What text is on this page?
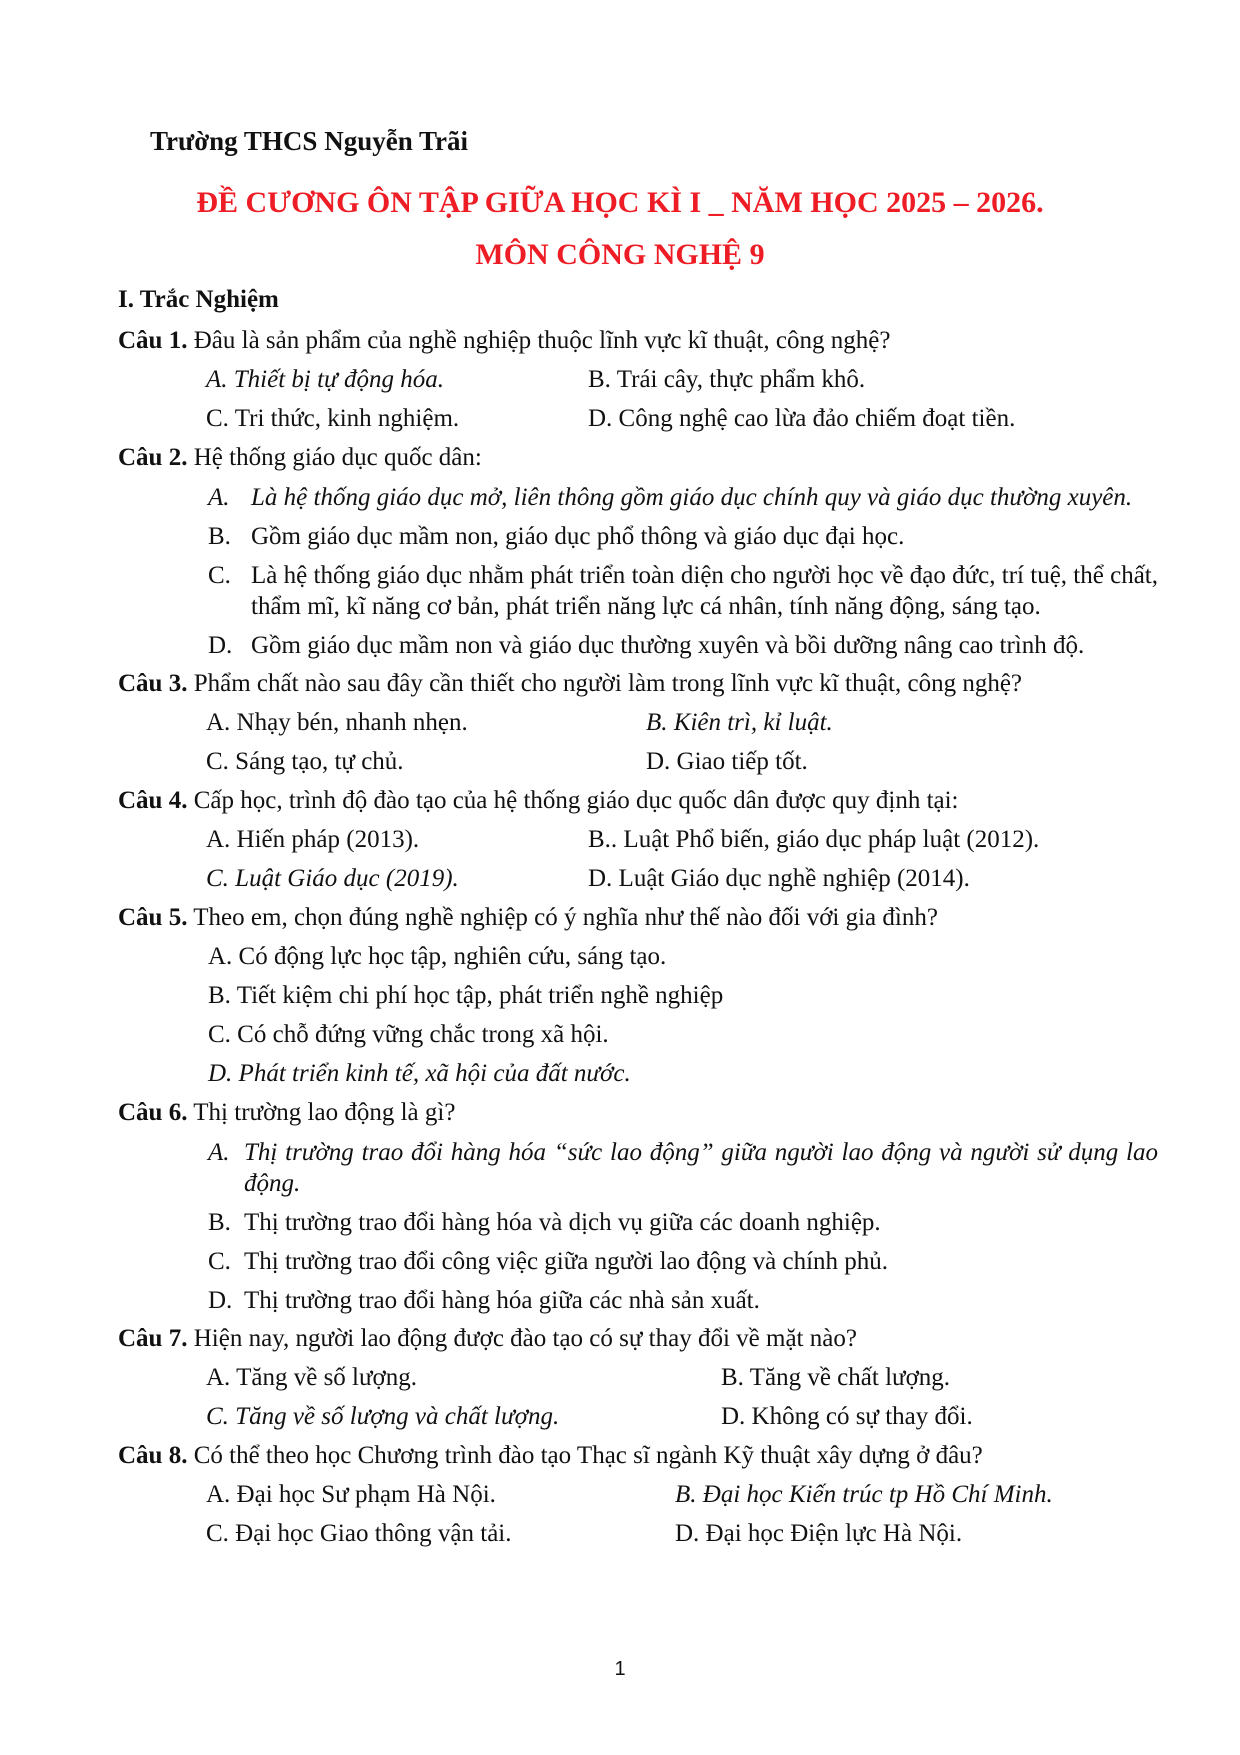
Trường THCS Nguyễn Trãi
ĐỀ CƯƠNG ÔN TẬP GIỮA HỌC KÌ I _ NĂM HỌC 2025 – 2026.
MÔN CÔNG NGHỆ 9
I. Trắc Nghiệm
Câu 1. Đâu là sản phẩm của nghề nghiệp thuộc lĩnh vực kĩ thuật, công nghệ?
A. Thiết bị tự động hóa.	B. Trái cây, thực phẩm khô.
C. Tri thức, kinh nghiệm.	D. Công nghệ cao lừa đảo chiếm đoạt tiền.
Câu 2. Hệ thống giáo dục quốc dân:
A. Là hệ thống giáo dục mở, liên thông gồm giáo dục chính quy và giáo dục thường xuyên.
B. Gồm giáo dục mầm non, giáo dục phổ thông và giáo dục đại học.
C. Là hệ thống giáo dục nhằm phát triển toàn diện cho người học về đạo đức, trí tuệ, thể chất, thẩm mĩ, kĩ năng cơ bản, phát triển năng lực cá nhân, tính năng động, sáng tạo.
D. Gồm giáo dục mầm non và giáo dục thường xuyên và bồi dưỡng nâng cao trình độ.
Câu 3. Phẩm chất nào sau đây cần thiết cho người làm trong lĩnh vực kĩ thuật, công nghệ?
A. Nhạy bén, nhanh nhẹn.	B. Kiên trì, kỉ luật.
C. Sáng tạo, tự chủ.	D. Giao tiếp tốt.
Câu 4. Cấp học, trình độ đào tạo của hệ thống giáo dục quốc dân được quy định tại:
A. Hiến pháp (2013).	B.. Luật Phổ biến, giáo dục pháp luật (2012).
C. Luật Giáo dục (2019).	D. Luật Giáo dục nghề nghiệp (2014).
Câu 5. Theo em, chọn đúng nghề nghiệp có ý nghĩa như thế nào đối với gia đình?
A. Có động lực học tập, nghiên cứu, sáng tạo.
B. Tiết kiệm chi phí học tập, phát triển nghề nghiệp
C. Có chỗ đứng vững chắc trong xã hội.
D. Phát triển kinh tế, xã hội của đất nước.
Câu 6. Thị trường lao động là gì?
A. Thị trường trao đổi hàng hóa “sức lao động” giữa người lao động và người sử dụng lao động.
B. Thị trường trao đổi hàng hóa và dịch vụ giữa các doanh nghiệp.
C. Thị trường trao đổi công việc giữa người lao động và chính phủ.
D. Thị trường trao đổi hàng hóa giữa các nhà sản xuất.
Câu 7. Hiện nay, người lao động được đào tạo có sự thay đổi về mặt nào?
A. Tăng về số lượng.	B. Tăng về chất lượng.
C. Tăng về số lượng và chất lượng.	D. Không có sự thay đổi.
Câu 8. Có thể theo học Chương trình đào tạo Thạc sĩ ngành Kỹ thuật xây dựng ở đâu?
A. Đại học Sư phạm Hà Nội.	B. Đại học Kiến trúc tp Hồ Chí Minh.
C. Đại học Giao thông vận tải.	D. Đại học Điện lực Hà Nội.
1
